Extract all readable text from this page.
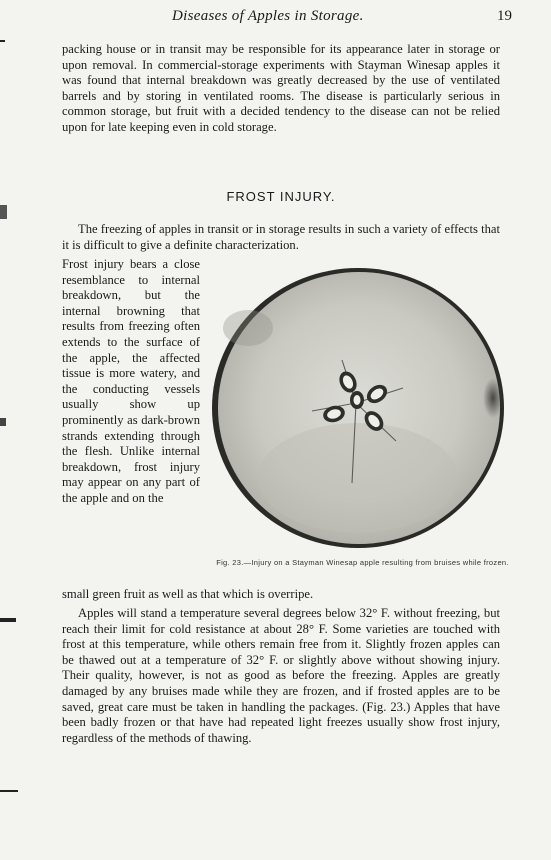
Diseases of Apples in Storage.	19
packing house or in transit may be responsible for its appearance later in storage or upon removal. In commercial-storage experiments with Stayman Winesap apples it was found that internal breakdown was greatly decreased by the use of ventilated barrels and by storing in ventilated rooms. The disease is particularly serious in common storage, but fruit with a decided tendency to the disease can not be relied upon for late keeping even in cold storage.
FROST INJURY.
The freezing of apples in transit or in storage results in such a variety of effects that it is difficult to give a definite characterization.
Frost injury bears a close resemblance to internal breakdown, but the internal browning that results from freezing often extends to the surface of the apple, the affected tissue is more watery, and the conducting vessels usually show up prominently as dark-brown strands extending through the flesh. Unlike internal breakdown, frost injury may appear on any part of the apple and on the
Fig. 23.—Injury on a Stayman Winesap apple resulting from bruises while frozen.
small green fruit as well as that which is overripe.
Apples will stand a temperature several degrees below 32° F. without freezing, but reach their limit for cold resistance at about 28° F. Some varieties are touched with frost at this temperature, while others remain free from it. Slightly frozen apples can be thawed out at a temperature of 32° F. or slightly above without showing injury. Their quality, however, is not as good as before the freezing. Apples are greatly damaged by any bruises made while they are frozen, and if frosted apples are to be saved, great care must be taken in handling the packages. (Fig. 23.) Apples that have been badly frozen or that have had repeated light freezes usually show frost injury, regardless of the methods of thawing.
